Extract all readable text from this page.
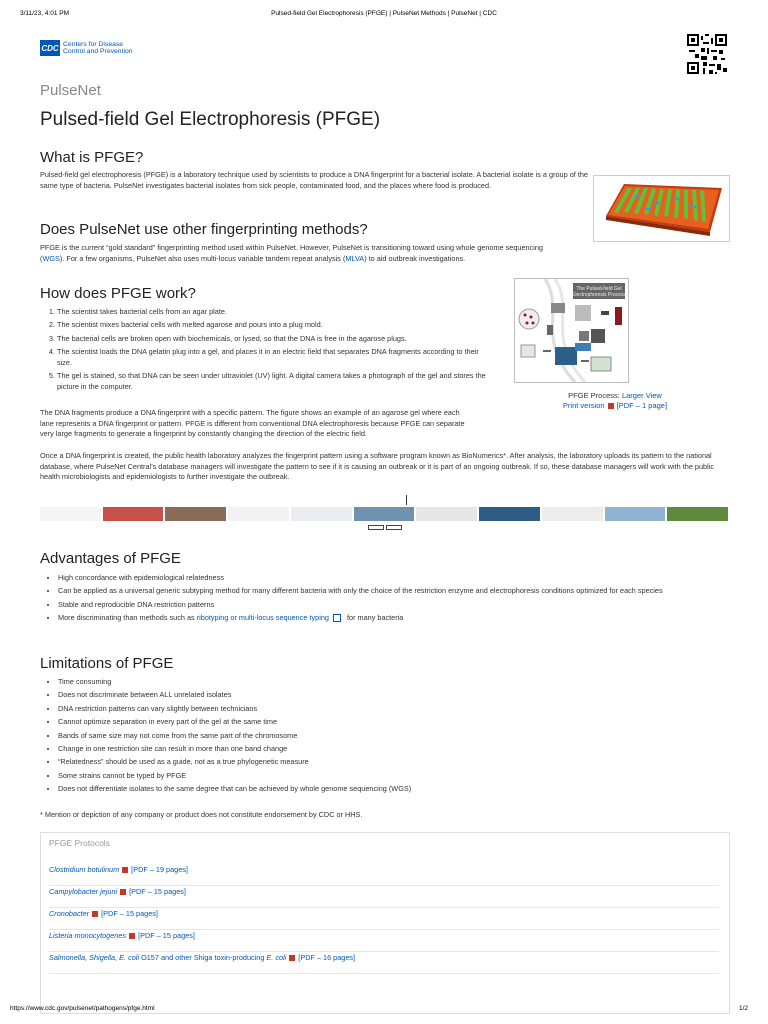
3/11/23, 4:01 PM	Pulsed-field Gel Electrophoresis (PFGE) | PulseNet Methods | PulseNet | CDC
CDC Centers for Disease
Control and Prevention
PulseNet
Pulsed-field Gel Electrophoresis (PFGE)
What is PFGE?

Pulsed-field gel electrophoresis (PFGE) is a laboratory technique used by scientists to produce a DNA fingerprint for a bacterial isolate. A bacterial isolate is a group of the same type of bacteria. PulseNet investigates bacterial isolates from sick people, contaminated food, and the places where food is produced.

Does PulseNet use other fingerprinting methods?

PFGE is the current “gold standard” fingerprinting method used within PulseNet. However, PulseNet is transitioning toward using whole genome sequencing (WGS). For a few organisms, PulseNet also uses multi-locus variable tandem repeat analysis (MLVA) to aid outbreak investigations.

How does PFGE work?
1. The scientist takes bacterial cells from an agar plate.
2. The scientist mixes bacterial cells with melted agarose and pours into a plug mold.
3. The bacterial cells are broken open with biochemicals, or lysed, so that the DNA is free in the agarose plugs.
4. The scientist loads the DNA gelatin plug into a gel, and places it in an electric field that separates DNA fragments according to their size.
5. The gel is stained, so that DNA can be seen under ultraviolet (UV) light. A digital camera takes a photograph of the gel and stores the picture in the computer.
The Pulsed-field Gel
Electrophoresis Process
PFGE Process: Larger View
Print version [PDF – 1 page]

The DNA fragments produce a DNA fingerprint with a specific pattern. The figure shows an example of an agarose gel where each lane represents a DNA fingerprint or pattern. PFGE is different from conventional DNA electrophoresis because PFGE can separate very large fragments to generate a fingerprint by constantly changing the direction of the electric field.

Once a DNA fingerprint is created, the public health laboratory analyzes the fingerprint pattern using a software program known as BioNumerics*. After analysis, the laboratory uploads its pattern to the national database, where PulseNet Central’s database managers will investigate the pattern to see if it is causing an outbreak or it is part of an ongoing outbreak. If so, these database managers will work with the public health microbiologists and epidemiologists to further investigate the outbreak.

Advantages of PFGE
• High concordance with epidemiological relatedness
• Can be applied as a universal generic subtyping method for many different bacteria with only the choice of the restriction enzyme and electrophoresis conditions optimized for each species
• Stable and reproducible DNA restriction patterns
• More discriminating than methods such as ribotyping or multi-locus sequence typing for many bacteria
Limitations of PFGE
• Time consuming
• Does not discriminate between ALL unrelated isolates
• DNA restriction patterns can vary slightly between technicians
• Cannot optimize separation in every part of the gel at the same time
• Bands of same size may not come from the same part of the chromosome
• Change in one restriction site can result in more than one band change
• “Relatedness” should be used as a guide, not as a true phylogenetic measure
• Some strains cannot be typed by PFGE
• Does not differentiate isolates to the same degree that can be achieved by whole genome sequencing (WGS)

* Mention or depiction of any company or product does not constitute endorsement by CDC or HHS.

PFGE Protocols
Clostridium botulinum [PDF – 19 pages]
Campylobacter jejuni [PDF – 15 pages]
Cronobacter [PDF – 15 pages]
Listeria monocytogenes [PDF – 15 pages]
Salmonella, Shigella, E. coli O157 and other Shiga toxin-producing E. coli [PDF – 16 pages]
https://www.cdc.gov/pulsenet/pathogens/pfge.html	1/2
